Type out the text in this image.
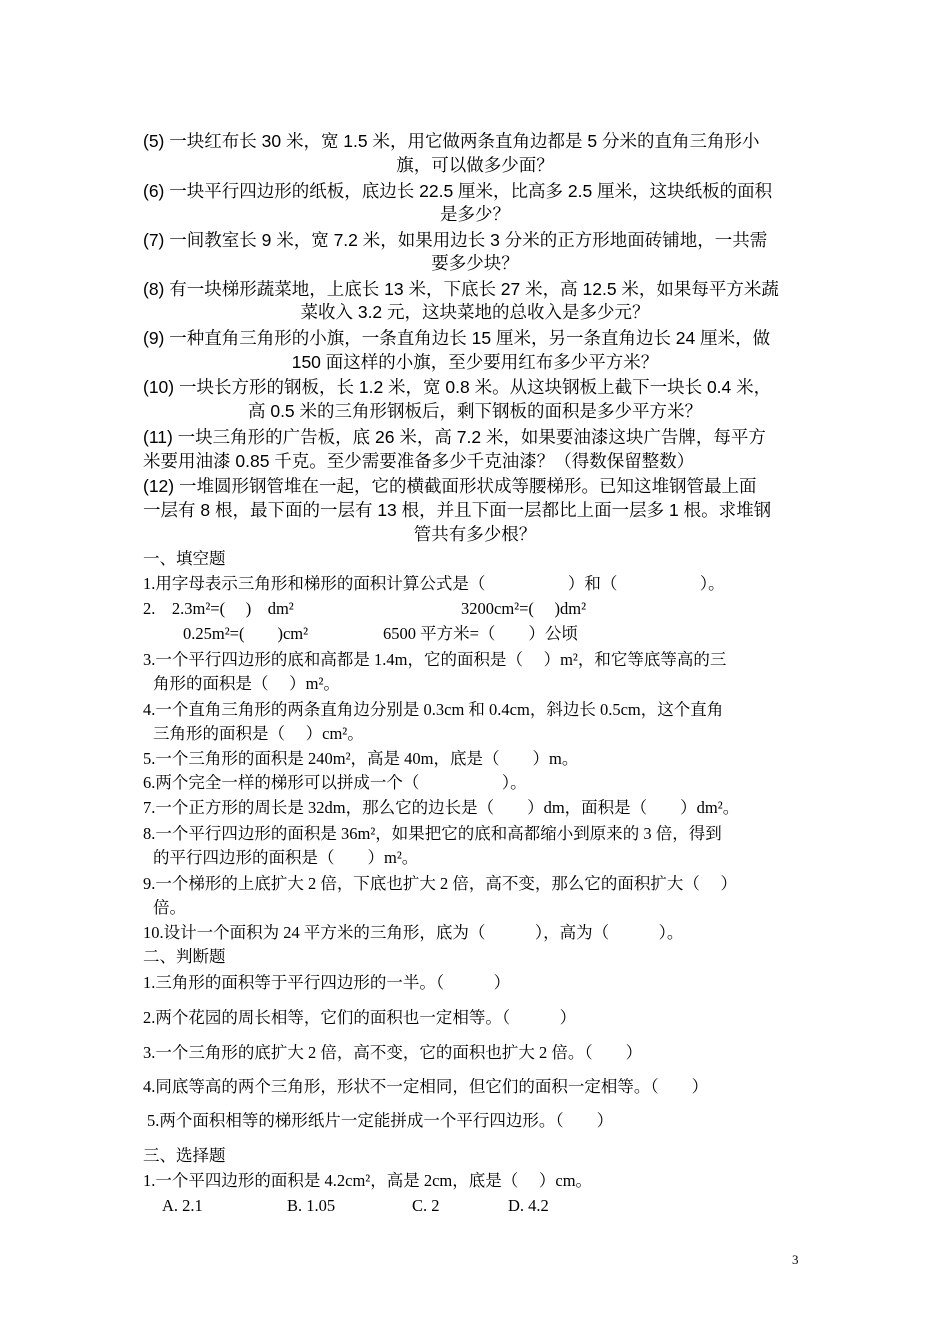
(5) 一块红布长 30 米，宽 1.5 米，用它做两条直角边都是 5 分米的直角三角形小
旗，可以做多少面？
(6) 一块平行四边形的纸板，底边长 22.5 厘米，比高多 2.5 厘米，这块纸板的面积
是多少？
(7) 一间教室长 9 米，宽 7.2 米，如果用边长 3 分米的正方形地面砖铺地，一共需
要多少块？
(8) 有一块梯形蔬菜地，上底长 13 米，下底长 27 米，高 12.5 米，如果每平方米蔬
菜收入 3.2 元，这块菜地的总收入是多少元？
(9) 一种直角三角形的小旗，一条直角边长 15 厘米，另一条直角边长 24 厘米，做
150 面这样的小旗，至少要用红布多少平方米？
(10) 一块长方形的钢板，长 1.2 米，宽 0.8 米。从这块钢板上截下一块长 0.4 米，
高 0.5 米的三角形钢板后，剩下钢板的面积是多少平方米？
(11) 一块三角形的广告板，底 26 米，高 7.2 米，如果要油漆这块广告牌，每平方
米要用油漆 0.85 千克。至少需要准备多少千克油漆？（得数保留整数）
(12) 一堆圆形钢管堆在一起，它的横截面形状成等腰梯形。已知这堆钢管最上面
一层有 8 根，最下面的一层有 13 根，并且下面一层都比上面一层多 1 根。求堆钢
管共有多少根？
一、填空题
1.用字母表示三角形和梯形的面积计算公式是（　　　　　）和（　　　　　）。
2.　2.3m²=(　 )　dm²	3200cm²=(　 )dm²
0.25m²=(　　)cm²	6500 平方米=（　　）公顷
3.一个平行四边形的底和高都是 1.4m，它的面积是（　 ）m²，和它等底等高的三
角形的面积是（　 ）m²。
4.一个直角三角形的两条直角边分别是 0.3cm 和 0.4cm，斜边长 0.5cm，这个直角
三角形的面积是（　 ）cm²。
5.一个三角形的面积是 240m²，高是 40m，底是（　　）m。
6.两个完全一样的梯形可以拼成一个（　　　　　）。
7.一个正方形的周长是 32dm，那么它的边长是（　　）dm，面积是（　　）dm²。
8.一个平行四边形的面积是 36m²，如果把它的底和高都缩小到原来的 3 倍，得到
的平行四边形的面积是（　　）m²。
9.一个梯形的上底扩大 2 倍，下底也扩大 2 倍，高不变，那么它的面积扩大（　 ）
倍。
10.设计一个面积为 24 平方米的三角形，底为（　　　），高为（　　　）。
二、判断题
1.三角形的面积等于平行四边形的一半。（　　　）
2.两个花园的周长相等，它们的面积也一定相等。（　　　）
3.一个三角形的底扩大 2 倍，高不变，它的面积也扩大 2 倍。（　　）
4.同底等高的两个三角形，形状不一定相同，但它们的面积一定相等。（　　）
5.两个面积相等的梯形纸片一定能拼成一个平行四边形。（　　）
三、选择题
1.一个平四边形的面积是 4.2cm²，高是 2cm，底是（　 ）cm。
A. 2.1	B. 1.05	C. 2	D. 4.2
3
